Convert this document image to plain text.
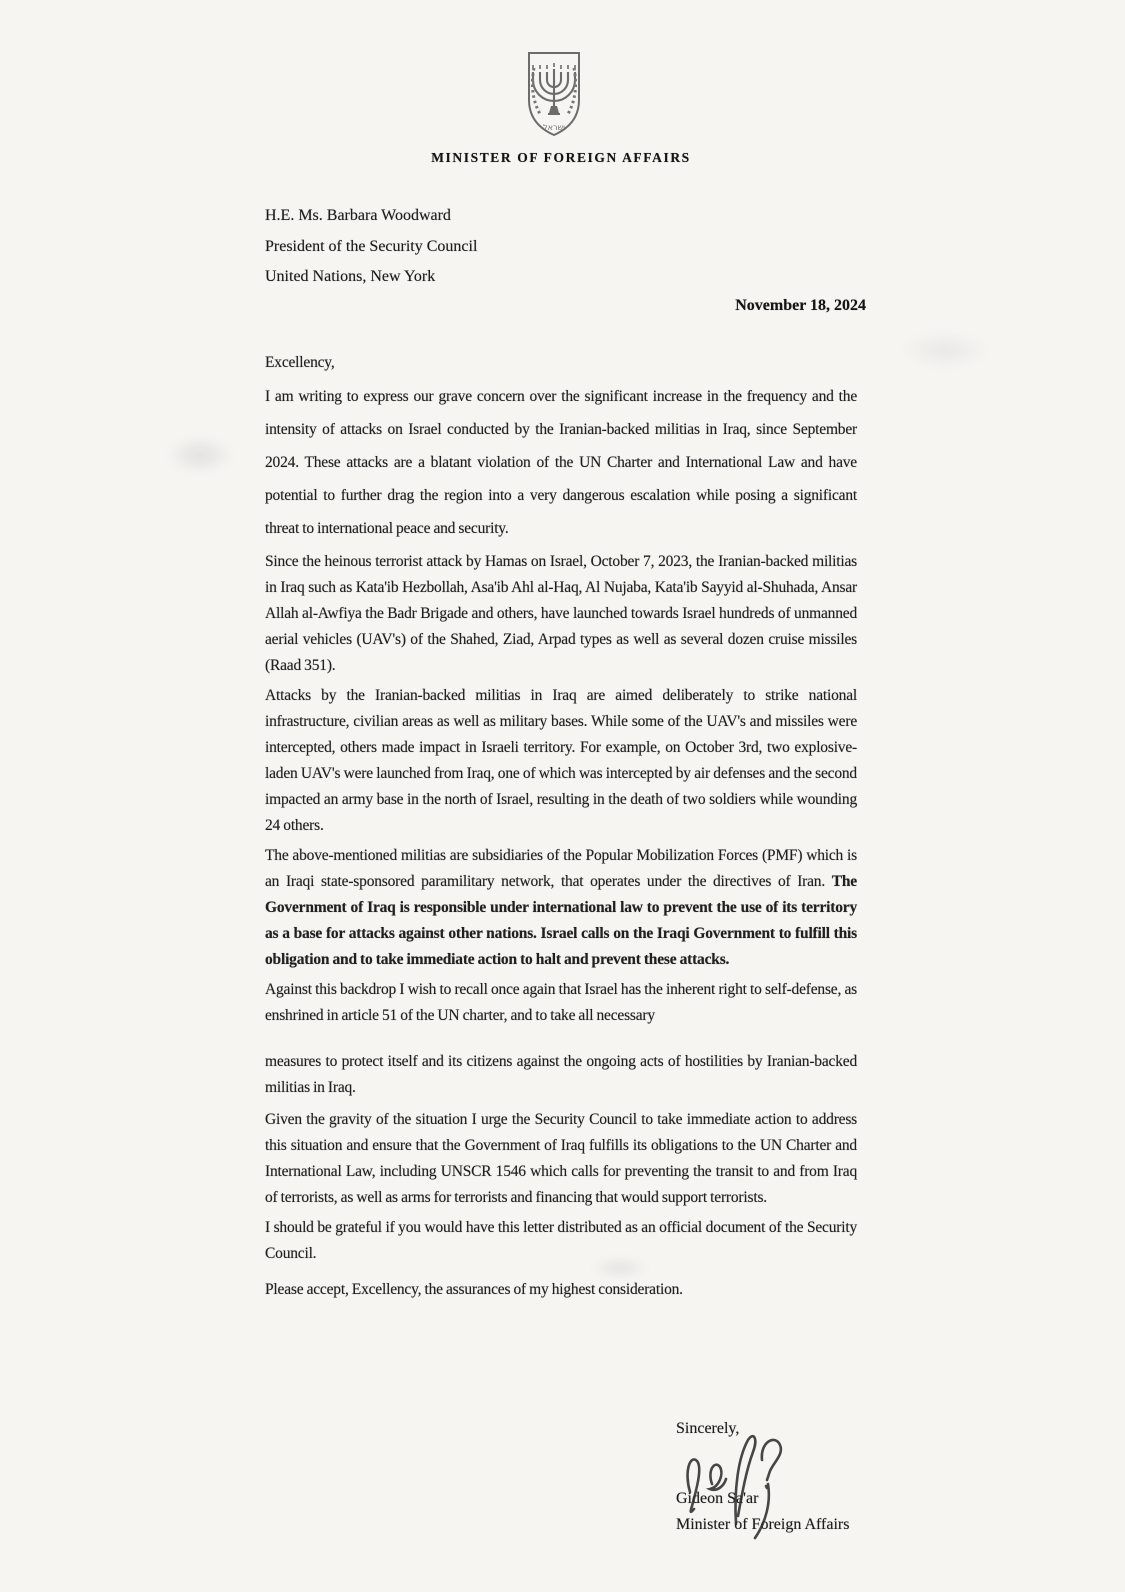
ישראל
MINISTER OF FOREIGN AFFAIRS
H.E. Ms. Barbara Woodward
President of the Security Council
United Nations, New York
November 18, 2024

Excellency,

I am writing to express our grave concern over the significant increase in the frequency and the intensity of attacks on Israel conducted by the Iranian-backed militias in Iraq, since September 2024. These attacks are a blatant violation of the UN Charter and International Law and have potential to further drag the region into a very dangerous escalation while posing a significant threat to international peace and security.

Since the heinous terrorist attack by Hamas on Israel, October 7, 2023, the Iranian-backed militias in Iraq such as Kata'ib Hezbollah, Asa'ib Ahl al-Haq, Al Nujaba, Kata'ib Sayyid al-Shuhada, Ansar Allah al-Awfiya the Badr Brigade and others, have launched towards Israel hundreds of unmanned aerial vehicles (UAV's) of the Shahed, Ziad, Arpad types as well as several dozen cruise missiles (Raad 351).

Attacks by the Iranian-backed militias in Iraq are aimed deliberately to strike national infrastructure, civilian areas as well as military bases. While some of the UAV's and missiles were intercepted, others made impact in Israeli territory. For example, on October 3rd, two explosive-laden UAV's were launched from Iraq, one of which was intercepted by air defenses and the second impacted an army base in the north of Israel, resulting in the death of two soldiers while wounding 24 others.

The above-mentioned militias are subsidiaries of the Popular Mobilization Forces (PMF) which is an Iraqi state-sponsored paramilitary network, that operates under the directives of Iran. The Government of Iraq is responsible under international law to prevent the use of its territory as a base for attacks against other nations. Israel calls on the Iraqi Government to fulfill this obligation and to take immediate action to halt and prevent these attacks.

Against this backdrop I wish to recall once again that Israel has the inherent right to self-defense, as enshrined in article 51 of the UN charter, and to take all necessary

measures to protect itself and its citizens against the ongoing acts of hostilities by Iranian-backed militias in Iraq.

Given the gravity of the situation I urge the Security Council to take immediate action to address this situation and ensure that the Government of Iraq fulfills its obligations to the UN Charter and International Law, including UNSCR 1546 which calls for preventing the transit to and from Iraq of terrorists, as well as arms for terrorists and financing that would support terrorists.

I should be grateful if you would have this letter distributed as an official document of the Security Council.

Please accept, Excellency, the assurances of my highest consideration.

Sincerely,

Gideon Sa'ar

Minister of Foreign Affairs
